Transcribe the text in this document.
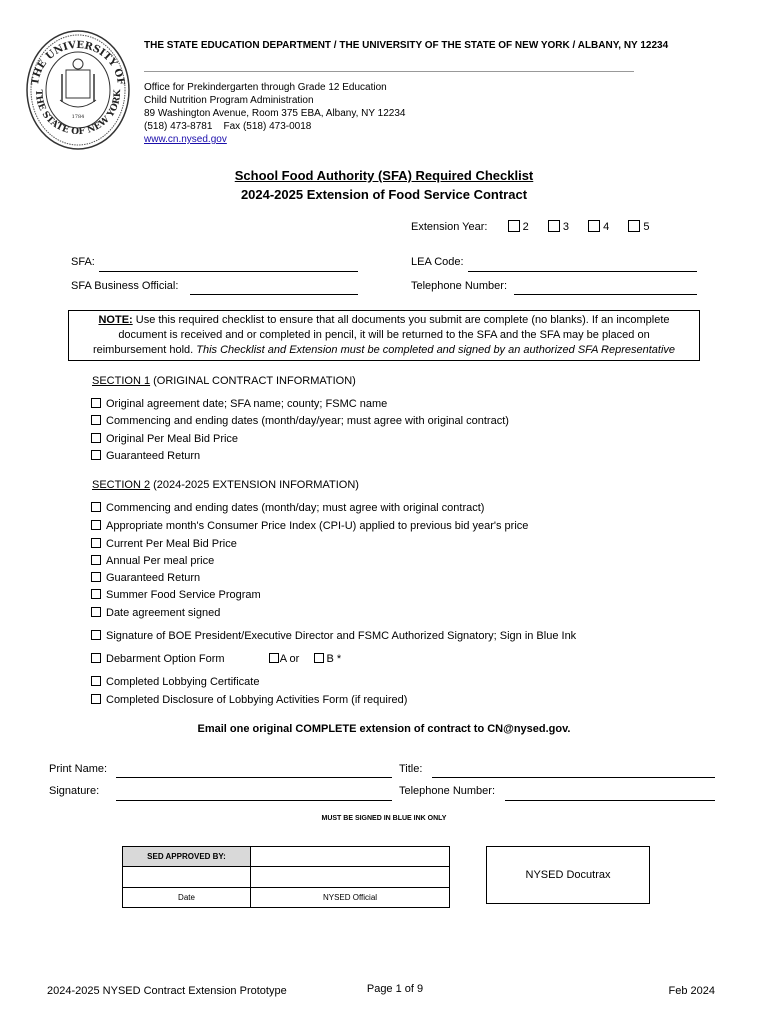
THE UNIVERSITY OF
THE STATE OF NEW YORK
1784
THE STATE EDUCATION DEPARTMENT / THE UNIVERSITY OF THE STATE OF NEW YORK / ALBANY, NY 12234
Office for Prekindergarten through Grade 12 Education
Child Nutrition Program Administration
89 Washington Avenue, Room 375 EBA, Albany, NY 12234
(518) 473-8781    Fax (518) 473-0018
www.cn.nysed.gov
School Food Authority (SFA) Required Checklist
2024-2025 Extension of Food Service Contract
Extension Year:	2	3	4	5
SFA:	LEA Code:
SFA Business Official:	Telephone Number:
NOTE: Use this required checklist to ensure that all documents you submit are complete (no blanks). If an incomplete
document is received and or completed in pencil, it will be returned to the SFA and the SFA may be placed on
reimbursement hold. This Checklist and Extension must be completed and signed by an authorized SFA Representative
SECTION 1 (ORIGINAL CONTRACT INFORMATION)
Original agreement date; SFA name; county; FSMC name
Commencing and ending dates (month/day/year; must agree with original contract)
Original Per Meal Bid Price
Guaranteed Return
SECTION 2 (2024-2025 EXTENSION INFORMATION)
Commencing and ending dates (month/day; must agree with original contract)
Appropriate month's Consumer Price Index (CPI-U) applied to previous bid year's price
Current Per Meal Bid Price
Annual Per meal price
Guaranteed Return
Summer Food Service Program
Date agreement signed
Signature of BOE President/Executive Director and FSMC Authorized Signatory; Sign in Blue Ink
Debarment Option Form	A or B *
Completed Lobbying Certificate
Completed Disclosure of Lobbying Activities Form (if required)
Email one original COMPLETE extension of contract to CN@nysed.gov.
Print Name:	Title:
Signature:	Telephone Number:
MUST BE SIGNED IN BLUE INK ONLY
SED APPROVED BY:	

Date	NYSED Official
NYSED Docutrax
2024-2025 NYSED Contract Extension Prototype	Page 1 of 9	Feb 2024
